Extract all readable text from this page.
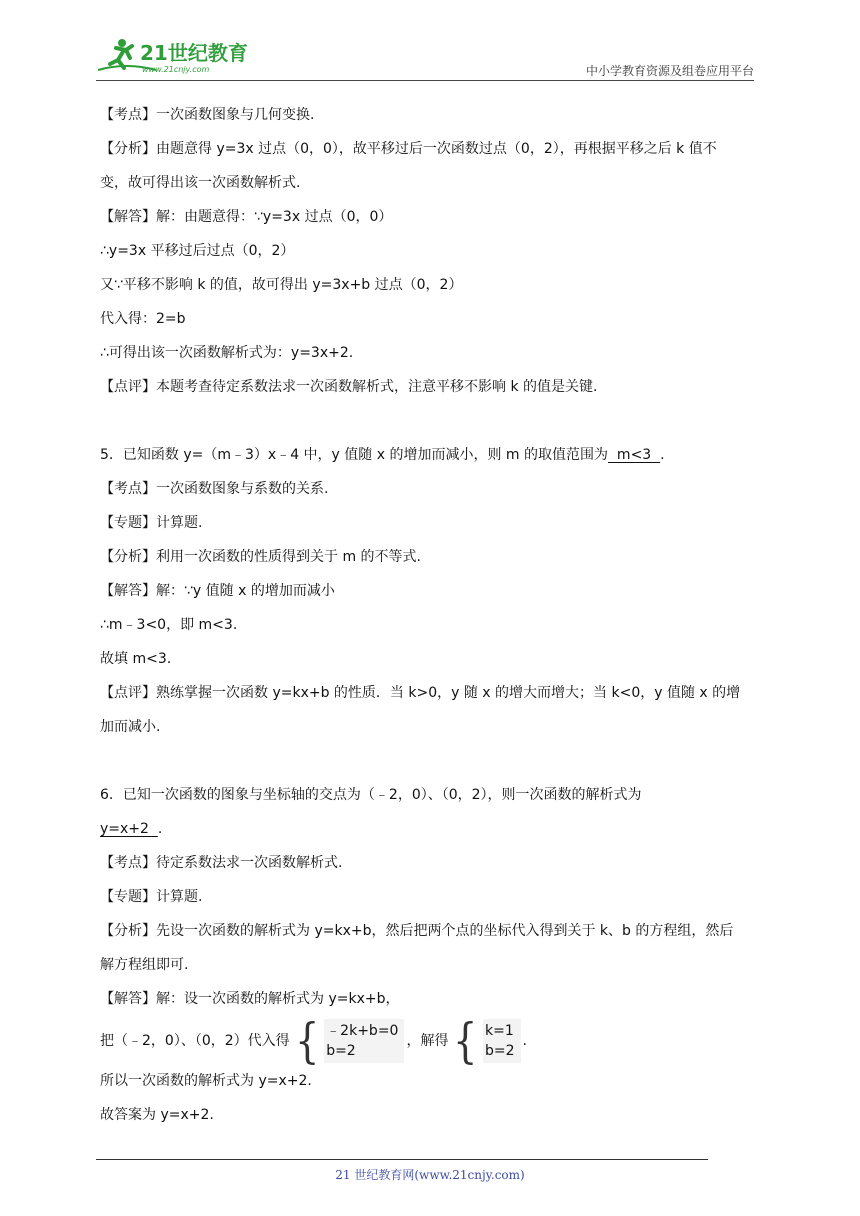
21世纪教育
www.21cnjy.com	中小学教育资源及组卷应用平台

【考点】一次函数图象与几何变换.

【分析】由题意得 y=3x 过点（0，0），故平移过后一次函数过点（0，2），再根据平移之后 k 值不

变，故可得出该一次函数解析式.

【解答】解：由题意得：∵y=3x 过点（0，0）

∴y=3x 平移过后过点（0，2）

又∵平移不影响 k 的值，故可得出 y=3x+b 过点（0，2）

代入得：2=b

∴可得出该一次函数解析式为：y=3x+2.

【点评】本题考查待定系数法求一次函数解析式，注意平移不影响 k 的值是关键.

5．已知函数 y=（m﹣3）x﹣4 中，y 值随 x 的增加而减小，则 m 的取值范围为  m<3  .

【考点】一次函数图象与系数的关系.

【专题】计算题.

【分析】利用一次函数的性质得到关于 m 的不等式.

【解答】解：∵y 值随 x 的增加而减小

∴m﹣3<0，即 m<3.

故填 m<3.

【点评】熟练掌握一次函数 y=kx+b 的性质．当 k>0，y 随 x 的增大而增大；当 k<0，y 值随 x 的增

加而减小.

6．已知一次函数的图象与坐标轴的交点为（﹣2，0）、（0，2），则一次函数的解析式为

y=x+2  .

【考点】待定系数法求一次函数解析式.

【专题】计算题.

【分析】先设一次函数的解析式为 y=kx+b，然后把两个点的坐标代入得到关于 k、b 的方程组，然后

解方程组即可.

【解答】解：设一次函数的解析式为 y=kx+b，

把（﹣2，0）、（0，2）代入得 { ﹣2k+b=0
b=2
，解得 { k=1
b=2
.

所以一次函数的解析式为 y=x+2.

故答案为 y=x+2.

21 世纪教育网(www.21cnjy.com)
